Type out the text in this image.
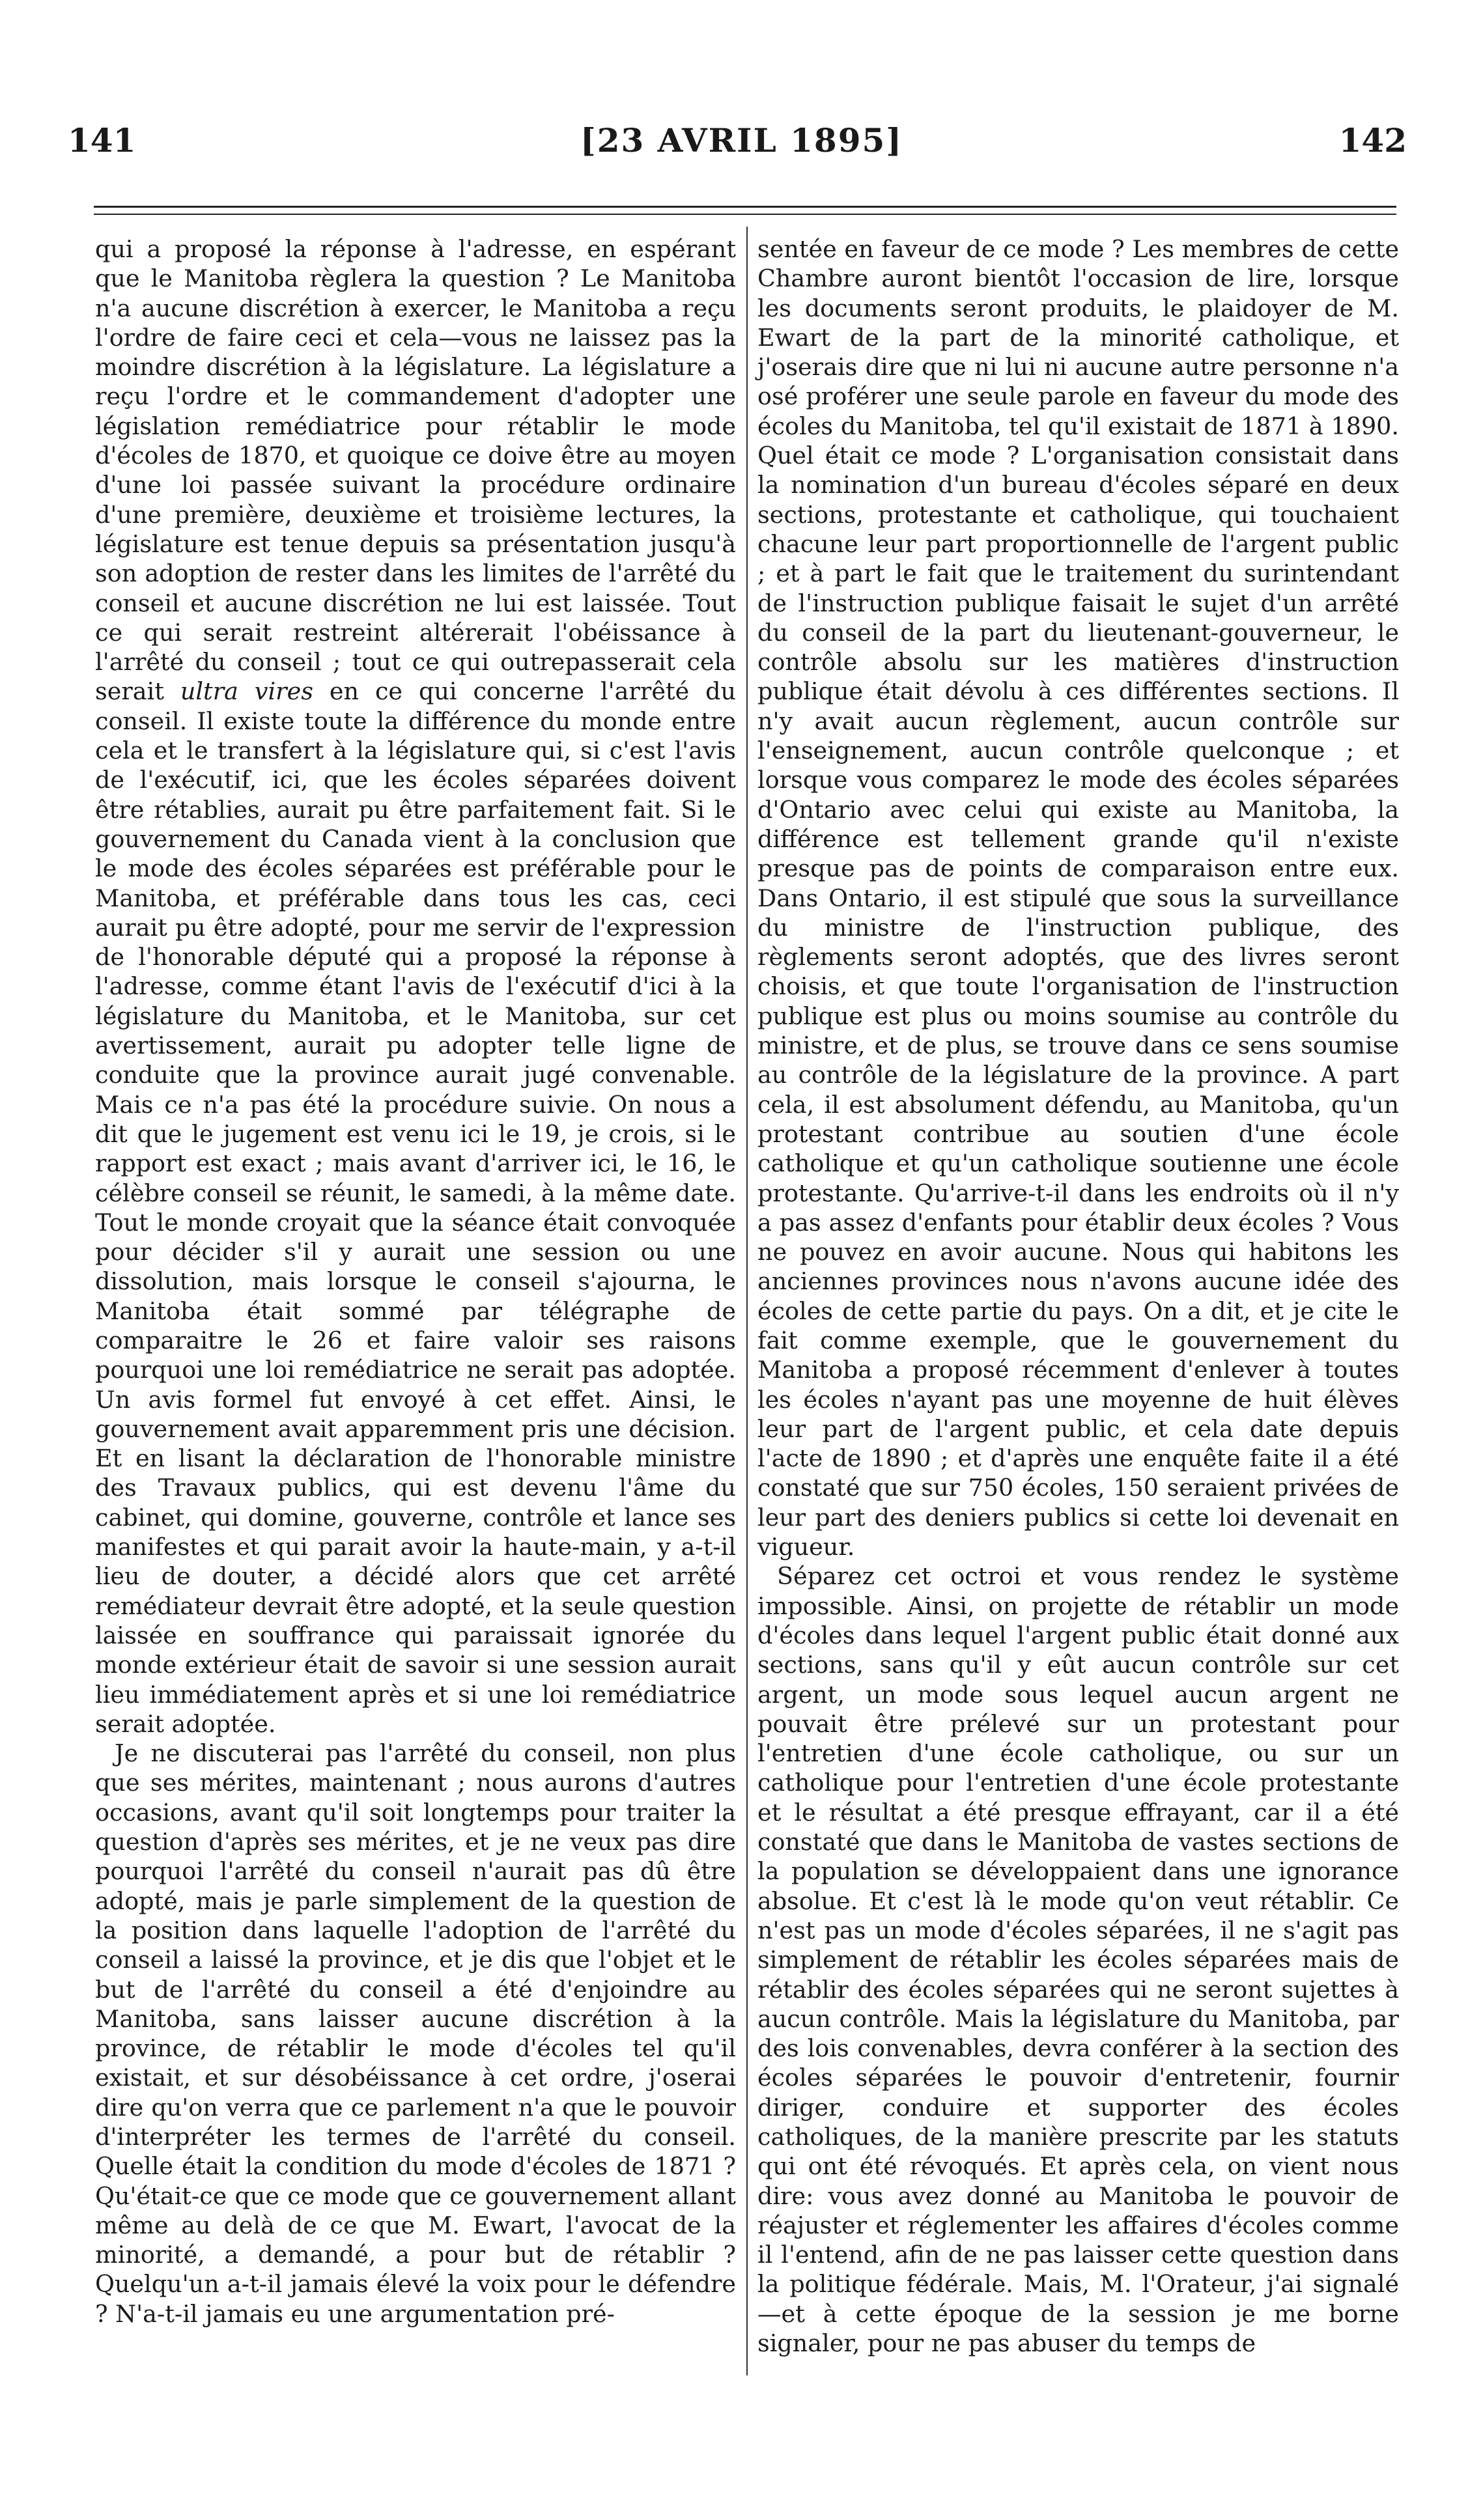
141	[23 AVRIL 1895]	142

qui a proposé la réponse à l'adresse, en espérant que le Manitoba règlera la question ? Le Manitoba n'a aucune discrétion à exercer, le Manitoba a reçu l'ordre de faire ceci et cela—vous ne laissez pas la moindre discrétion à la législature. La législature a reçu l'ordre et le commandement d'adopter une législation remédiatrice pour rétablir le mode d'écoles de 1870, et quoique ce doive être au moyen d'une loi passée suivant la procédure ordinaire d'une première, deuxième et troisième lectures, la législature est tenue depuis sa présentation jusqu'à son adoption de rester dans les limites de l'arrêté du conseil et aucune discrétion ne lui est laissée. Tout ce qui serait restreint altérerait l'obéissance à l'arrêté du conseil ; tout ce qui outrepasserait cela serait ultra vires en ce qui concerne l'arrêté du conseil. Il existe toute la différence du monde entre cela et le transfert à la législature qui, si c'est l'avis de l'exécutif, ici, que les écoles séparées doivent être rétablies, aurait pu être parfaitement fait. Si le gouvernement du Canada vient à la conclusion que le mode des écoles séparées est préférable pour le Manitoba, et préférable dans tous les cas, ceci aurait pu être adopté, pour me servir de l'expression de l'honorable député qui a proposé la réponse à l'adresse, comme étant l'avis de l'exécutif d'ici à la législature du Manitoba, et le Manitoba, sur cet avertissement, aurait pu adopter telle ligne de conduite que la province aurait jugé convenable. Mais ce n'a pas été la procédure suivie. On nous a dit que le jugement est venu ici le 19, je crois, si le rapport est exact ; mais avant d'arriver ici, le 16, le célèbre conseil se réunit, le samedi, à la même date. Tout le monde croyait que la séance était convoquée pour décider s'il y aurait une session ou une dissolution, mais lorsque le conseil s'ajourna, le Manitoba était sommé par télégraphe de comparaitre le 26 et faire valoir ses raisons pourquoi une loi remédiatrice ne serait pas adoptée. Un avis formel fut envoyé à cet effet. Ainsi, le gouvernement avait apparemment pris une décision. Et en lisant la déclaration de l'honorable ministre des Travaux publics, qui est devenu l'âme du cabinet, qui domine, gouverne, contrôle et lance ses manifestes et qui parait avoir la haute-main, y a-t-il lieu de douter, a décidé alors que cet arrêté remédiateur devrait être adopté, et la seule question laissée en souffrance qui paraissait ignorée du monde extérieur était de savoir si une session aurait lieu immédiatement après et si une loi remédiatrice serait adoptée.

Je ne discuterai pas l'arrêté du conseil, non plus que ses mérites, maintenant ; nous aurons d'autres occasions, avant qu'il soit longtemps pour traiter la question d'après ses mérites, et je ne veux pas dire pourquoi l'arrêté du conseil n'aurait pas dû être adopté, mais je parle simplement de la question de la position dans laquelle l'adoption de l'arrêté du conseil a laissé la province, et je dis que l'objet et le but de l'arrêté du conseil a été d'enjoindre au Manitoba, sans laisser aucune discrétion à la province, de rétablir le mode d'écoles tel qu'il existait, et sur désobéissance à cet ordre, j'oserai dire qu'on verra que ce parlement n'a que le pouvoir d'interpréter les termes de l'arrêté du conseil. Quelle était la condition du mode d'écoles de 1871 ? Qu'était-ce que ce mode que ce gouvernement allant même au delà de ce que M. Ewart, l'avocat de la minorité, a demandé, a pour but de rétablir ? Quelqu'un a-t-il jamais élevé la voix pour le défendre ? N'a-t-il jamais eu une argumentation pré-

sentée en faveur de ce mode ? Les membres de cette Chambre auront bientôt l'occasion de lire, lorsque les documents seront produits, le plaidoyer de M. Ewart de la part de la minorité catholique, et j'oserais dire que ni lui ni aucune autre personne n'a osé proférer une seule parole en faveur du mode des écoles du Manitoba, tel qu'il existait de 1871 à 1890. Quel était ce mode ? L'organisation consistait dans la nomination d'un bureau d'écoles séparé en deux sections, protestante et catholique, qui touchaient chacune leur part proportionnelle de l'argent public ; et à part le fait que le traitement du surintendant de l'instruction publique faisait le sujet d'un arrêté du conseil de la part du lieutenant-gouverneur, le contrôle absolu sur les matières d'instruction publique était dévolu à ces différentes sections. Il n'y avait aucun règlement, aucun contrôle sur l'enseignement, aucun contrôle quelconque ; et lorsque vous comparez le mode des écoles séparées d'Ontario avec celui qui existe au Manitoba, la différence est tellement grande qu'il n'existe presque pas de points de comparaison entre eux. Dans Ontario, il est stipulé que sous la surveillance du ministre de l'instruction publique, des règlements seront adoptés, que des livres seront choisis, et que toute l'organisation de l'instruction publique est plus ou moins soumise au contrôle du ministre, et de plus, se trouve dans ce sens soumise au contrôle de la législature de la province. A part cela, il est absolument défendu, au Manitoba, qu'un protestant contribue au soutien d'une école catholique et qu'un catholique soutienne une école protestante. Qu'arrive-t-il dans les endroits où il n'y a pas assez d'enfants pour établir deux écoles ? Vous ne pouvez en avoir aucune. Nous qui habitons les anciennes provinces nous n'avons aucune idée des écoles de cette partie du pays. On a dit, et je cite le fait comme exemple, que le gouvernement du Manitoba a proposé récemment d'enlever à toutes les écoles n'ayant pas une moyenne de huit élèves leur part de l'argent public, et cela date depuis l'acte de 1890 ; et d'après une enquête faite il a été constaté que sur 750 écoles, 150 seraient privées de leur part des deniers publics si cette loi devenait en vigueur.

Séparez cet octroi et vous rendez le système impossible. Ainsi, on projette de rétablir un mode d'écoles dans lequel l'argent public était donné aux sections, sans qu'il y eût aucun contrôle sur cet argent, un mode sous lequel aucun argent ne pouvait être prélevé sur un protestant pour l'entretien d'une école catholique, ou sur un catholique pour l'entretien d'une école protestante et le résultat a été presque effrayant, car il a été constaté que dans le Manitoba de vastes sections de la population se développaient dans une ignorance absolue. Et c'est là le mode qu'on veut rétablir. Ce n'est pas un mode d'écoles séparées, il ne s'agit pas simplement de rétablir les écoles séparées mais de rétablir des écoles séparées qui ne seront sujettes à aucun contrôle. Mais la législature du Manitoba, par des lois convenables, devra conférer à la section des écoles séparées le pouvoir d'entretenir, fournir diriger, conduire et supporter des écoles catholiques, de la manière prescrite par les statuts qui ont été révoqués. Et après cela, on vient nous dire: vous avez donné au Manitoba le pouvoir de réajuster et réglementer les affaires d'écoles comme il l'entend, afin de ne pas laisser cette question dans la politique fédérale. Mais, M. l'Orateur, j'ai signalé —et à cette époque de la session je me borne signaler, pour ne pas abuser du temps de
